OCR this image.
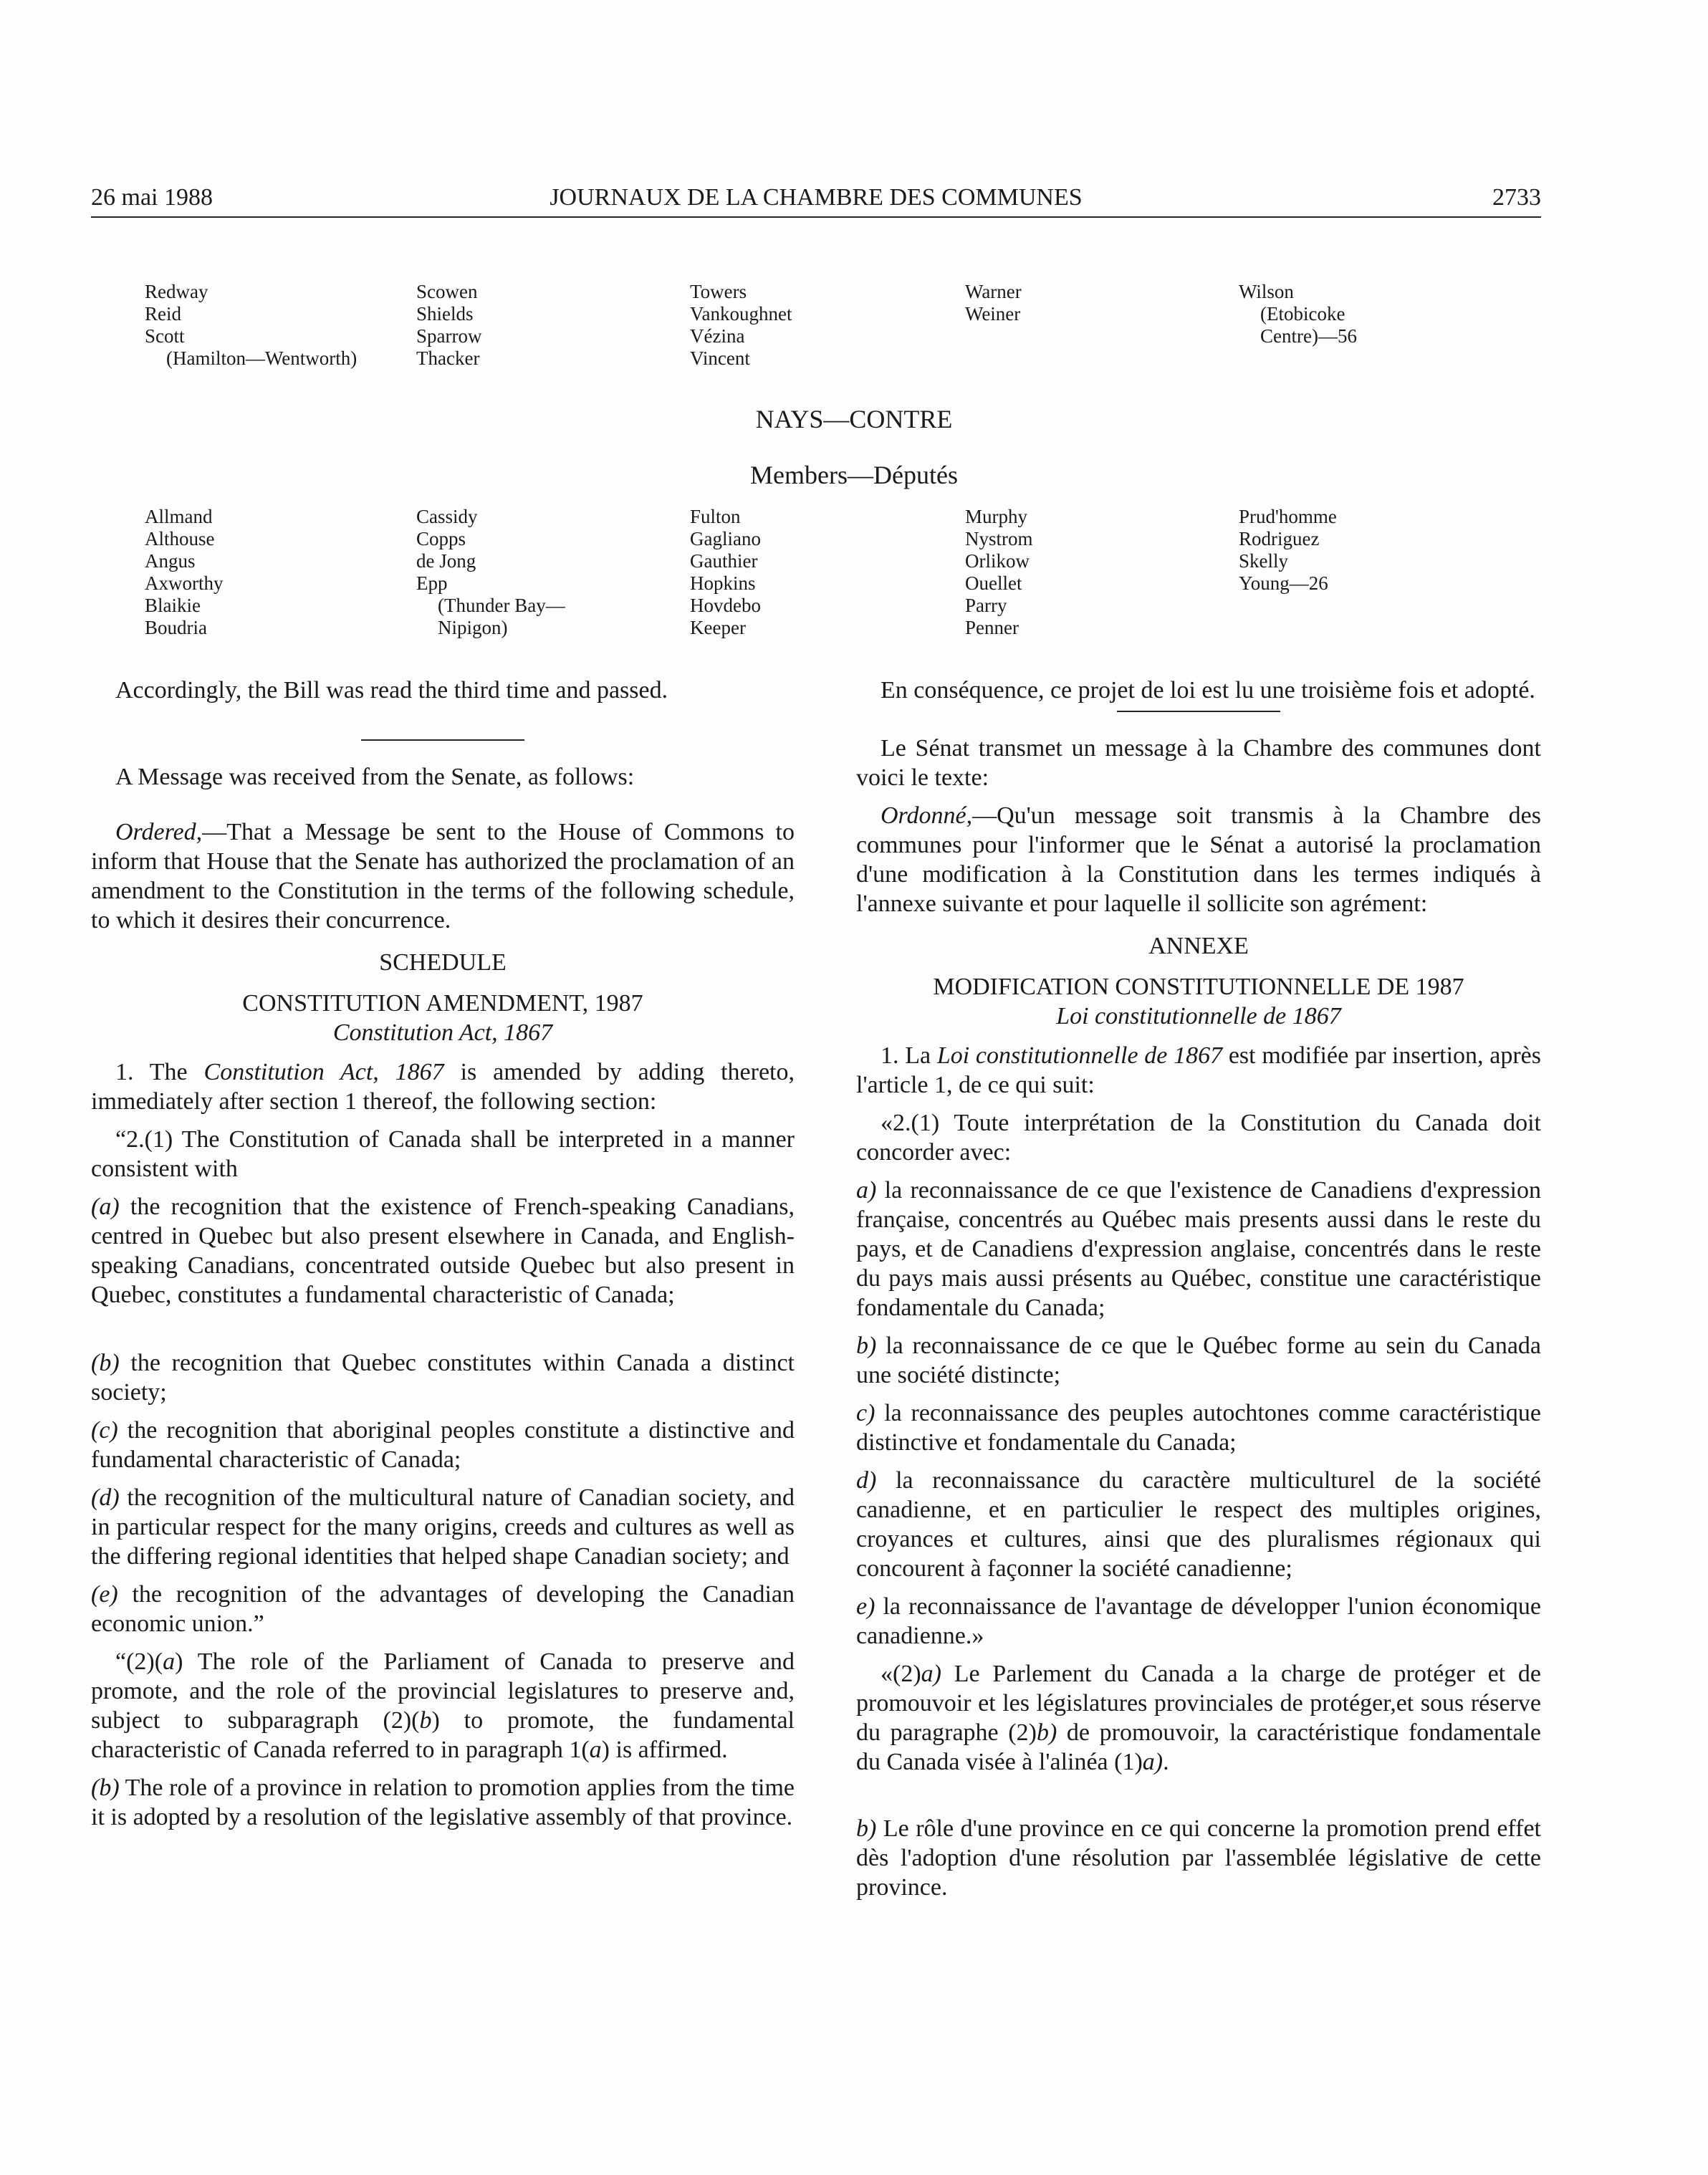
26 mai 1988	JOURNAUX DE LA CHAMBRE DES COMMUNES	2733
Redway
Reid
Scott
(Hamilton—Wentworth)
Scowen
Shields
Sparrow
Thacker
Towers
Vankoughnet
Vézina
Vincent
Warner
Weiner
Wilson
(Etobicoke
Centre)—56
NAYS—CONTRE
Members—Députés
Allmand
Althouse
Angus
Axworthy
Blaikie
Boudria
Cassidy
Copps
de Jong
Epp
(Thunder Bay—
Nipigon)
Fulton
Gagliano
Gauthier
Hopkins
Hovdebo
Keeper
Murphy
Nystrom
Orlikow
Ouellet
Parry
Penner
Prud'homme
Rodriguez
Skelly
Young—26

Accordingly, the Bill was read the third time and passed.

A Message was received from the Senate, as follows:

Ordered,—That a Message be sent to the House of Commons to inform that House that the Senate has authorized the proclamation of an amendment to the Constitution in the terms of the following schedule, to which it desires their concurrence.

SCHEDULE

CONSTITUTION AMENDMENT, 1987

Constitution Act, 1867

1. The Constitution Act, 1867 is amended by adding thereto, immediately after section 1 thereof, the following section:

“2.(1) The Constitution of Canada shall be interpreted in a manner consistent with

(a) the recognition that the existence of French-speaking Canadians, centred in Quebec but also present elsewhere in Canada, and English-speaking Canadians, concentrated outside Quebec but also present in Quebec, constitutes a fundamental characteristic of Canada;

(b) the recognition that Quebec constitutes within Canada a distinct society;

(c) the recognition that aboriginal peoples constitute a distinctive and fundamental characteristic of Canada;

(d) the recognition of the multicultural nature of Canadian society, and in particular respect for the many origins, creeds and cultures as well as the differing regional identities that helped shape Canadian society; and

(e) the recognition of the advantages of developing the Canadian economic union.”

“(2)(a) The role of the Parliament of Canada to preserve and promote, and the role of the provincial legislatures to preserve and, subject to subparagraph (2)(b) to promote, the fundamental characteristic of Canada referred to in paragraph 1(a) is affirmed.

(b) The role of a province in relation to promotion applies from the time it is adopted by a resolution of the legislative assembly of that province.

En conséquence, ce projet de loi est lu une troisième fois et adopté.

Le Sénat transmet un message à la Chambre des communes dont voici le texte:

Ordonné,—Qu'un message soit transmis à la Chambre des communes pour l'informer que le Sénat a autorisé la proclamation d'une modification à la Constitution dans les termes indiqués à l'annexe suivante et pour laquelle il sollicite son agrément:

ANNEXE

MODIFICATION CONSTITUTIONNELLE DE 1987

Loi constitutionnelle de 1867

1. La Loi constitutionnelle de 1867 est modifiée par insertion, après l'article 1, de ce qui suit:

«2.(1) Toute interprétation de la Constitution du Canada doit concorder avec:

a) la reconnaissance de ce que l'existence de Canadiens d'expression française, concentrés au Québec mais presents aussi dans le reste du pays, et de Canadiens d'expression anglaise, concentrés dans le reste du pays mais aussi présents au Québec, constitue une caractéristique fondamentale du Canada;

b) la reconnaissance de ce que le Québec forme au sein du Canada une société distincte;

c) la reconnaissance des peuples autochtones comme caractéristique distinctive et fondamentale du Canada;

d) la reconnaissance du caractère multiculturel de la société canadienne, et en particulier le respect des multiples origines, croyances et cultures, ainsi que des pluralismes régionaux qui concourent à façonner la société canadienne;

e) la reconnaissance de l'avantage de développer l'union économique canadienne.»

«(2)a) Le Parlement du Canada a la charge de protéger et de promouvoir et les législatures provinciales de protéger,et sous réserve du paragraphe (2)b) de promouvoir, la caractéristique fondamentale du Canada visée à l'alinéa (1)a).

b) Le rôle d'une province en ce qui concerne la promotion prend effet dès l'adoption d'une résolution par l'assemblée législative de cette province.
